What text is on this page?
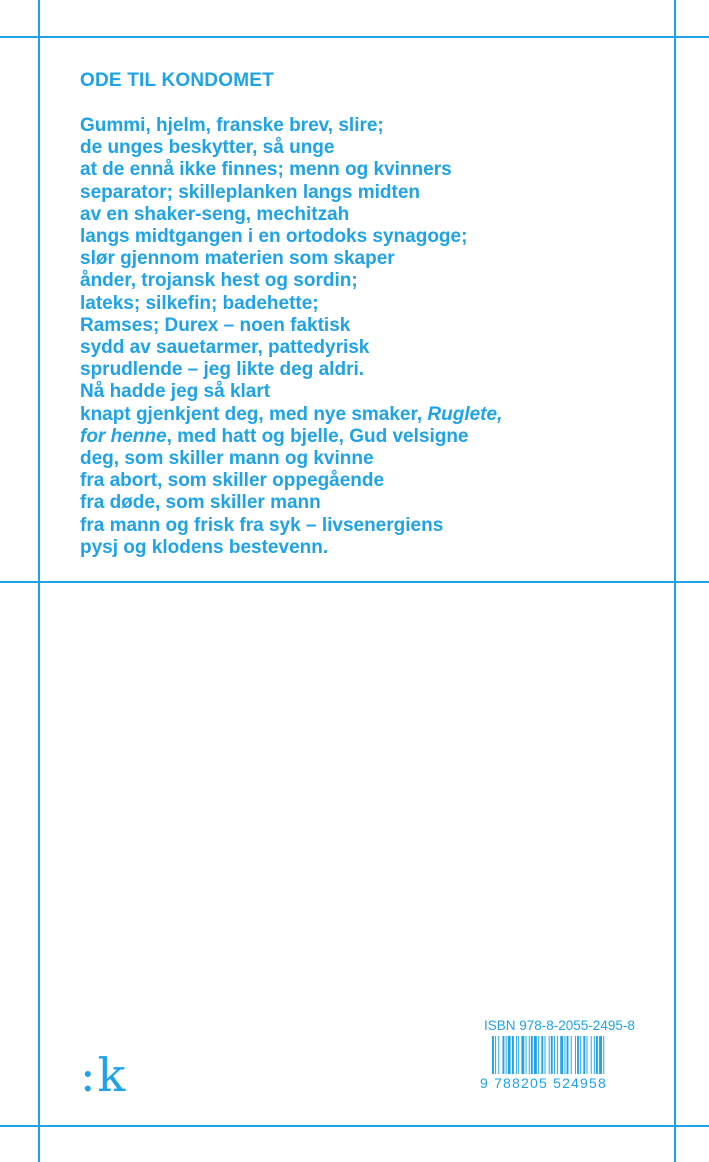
ODE TIL KONDOMET
Gummi, hjelm, franske brev, slire;
de unges beskytter, så unge
at de ennå ikke finnes; menn og kvinners
separator; skilleplanken langs midten
av en shaker-seng, mechitzah
langs midtgangen i en ortodoks synagoge;
slør gjennom materien som skaper
ånder, trojansk hest og sordin;
lateks; silkefin; badehette;
Ramses; Durex – noen faktisk
sydd av sauetarmer, pattedyrisk
sprudlende – jeg likte deg aldri.
Nå hadde jeg så klart
knapt gjenkjent deg, med nye smaker, Ruglete,
for henne, med hatt og bjelle, Gud velsigne
deg, som skiller mann og kvinne
fra abort, som skiller oppegående
fra døde, som skiller mann
fra mann og frisk fra syk – livsenergiens
pysj og klodens bestevenn.
:k
ISBN 978-8-2055-2495-8
9 788205 524958
